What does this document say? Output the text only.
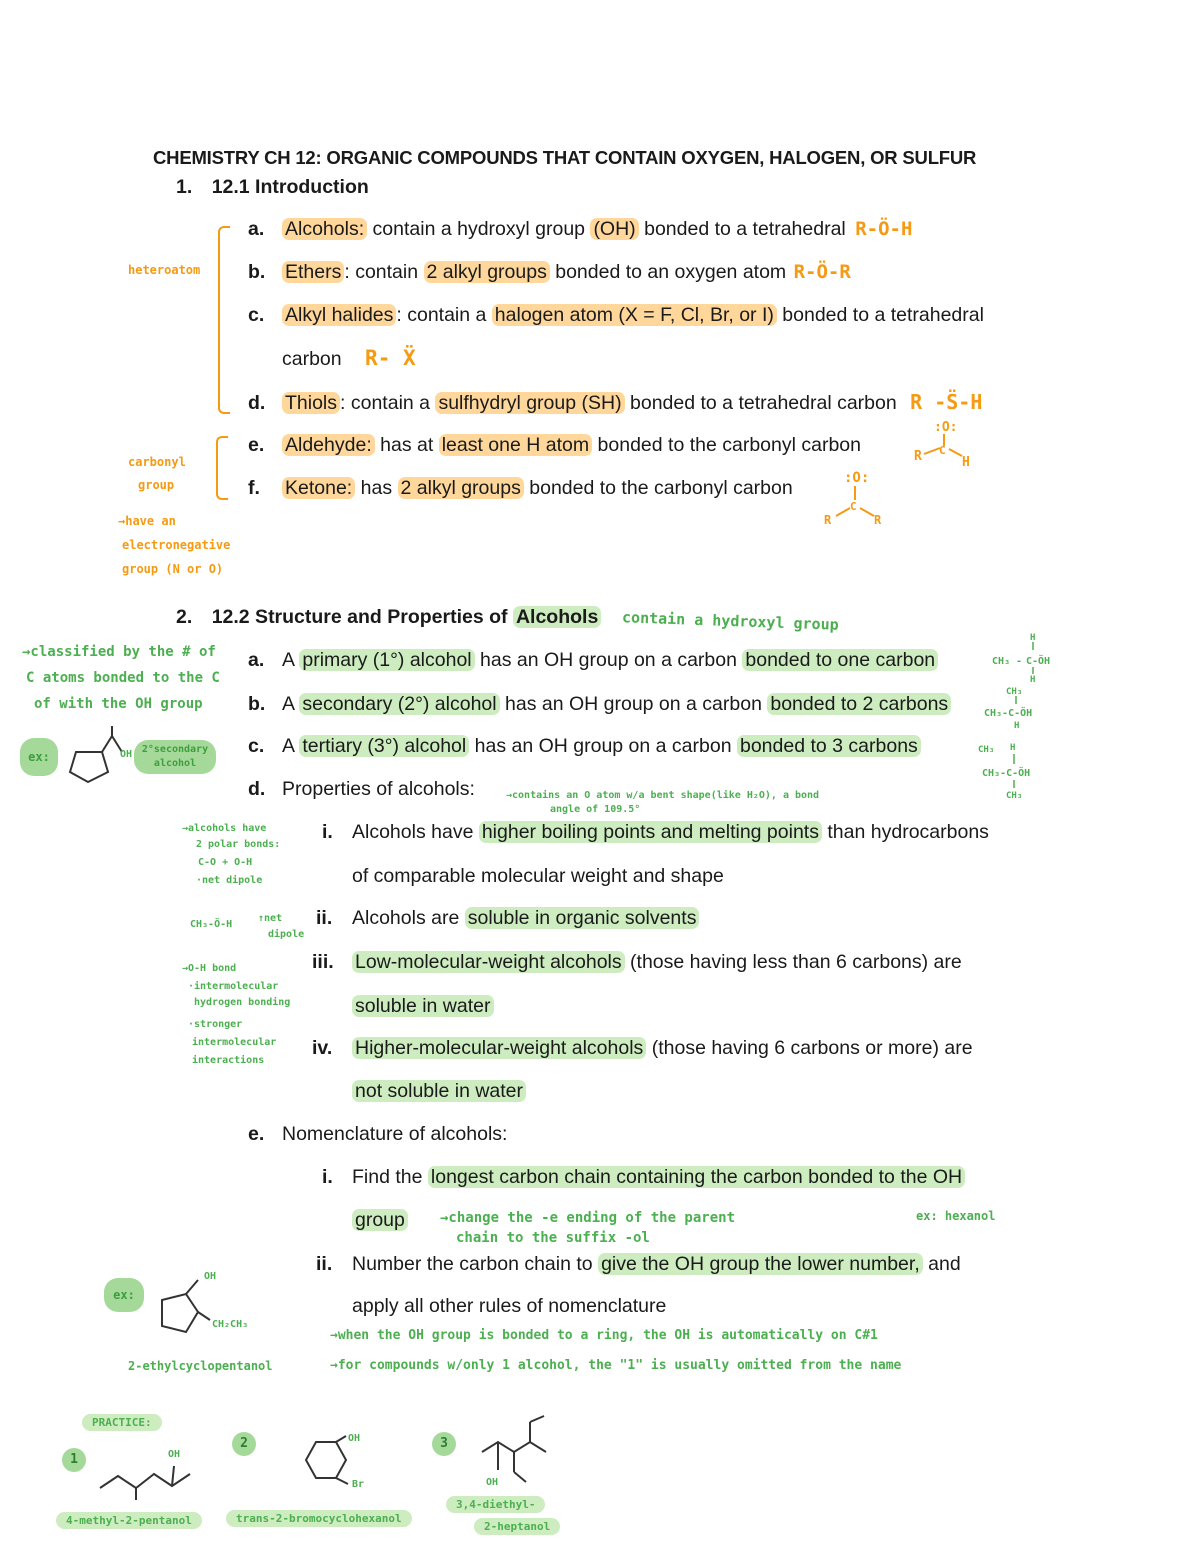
CHEMISTRY CH 12: ORGANIC COMPOUNDS THAT CONTAIN OXYGEN, HALOGEN, OR SULFUR
1. 12.1 Introduction
a. Alcohols: contain a hydroxyl group (OH) bonded to a tetrahedral R-Ö-H
b. Ethers : contain 2 alkyl groups bonded to an oxygen atom R-Ö-R
c. Alkyl halides : contain a halogen atom (X = F, Cl, Br, or I) bonded to a tetrahedral
carbon R- Ẍ
d. Thiols : contain a sulfhydryl group (SH) bonded to a tetrahedral carbon R -S̈-H
e. Aldehyde: has at least one H atom bonded to the carbonyl carbon
f. Ketone: has 2 alkyl groups bonded to the carbonyl carbon
:O:
R C
H
:O:
C
R	R
heteroatom
carbonyl
group
→have an
electronegative
group (N or O)
2. 12.2 Structure and Properties of Alcohols contain a hydroxyl group
a. A primary (1°) alcohol has an OH group on a carbon bonded to one carbon
b. A secondary (2°) alcohol has an OH group on a carbon bonded to 2 carbons
c. A tertiary (3°) alcohol has an OH group on a carbon bonded to 3 carbons
H
CH₃ - C-ÖH
H
CH₃
CH₃-C-ÖH
H
CH₃ H
CH₃-C-ÖH
CH₃
→classified by the # of
C atoms bonded to the C
of with the OH group
ex:	OH 2°secondary
alcohol
d. Properties of alcohols:	→contains an O atom w/a bent shape(like H₂O), a bond
angle of 109.5°
i. Alcohols have higher boiling points and melting points than hydrocarbons
of comparable molecular weight and shape
ii. Alcohols are soluble in organic solvents
iii. Low-molecular-weight alcohols (those having less than 6 carbons) are
soluble in water
iv. Higher-molecular-weight alcohols (those having 6 carbons or more) are
not soluble in water
→alcohols have
2 polar bonds:
C-O + O-H
·net dipole
CH₃-Ö-H
↑net
dipole
→O-H bond
·intermolecular
hydrogen bonding
·stronger
intermolecular
interactions
e. Nomenclature of alcohols:
i. Find the longest carbon chain containing the carbon bonded to the OH
group	→change the -e ending of the parent
chain to the suffix -ol
ex: hexanol
ii. Number the carbon chain to give the OH group the lower number, and
apply all other rules of nomenclature
→when the OH group is bonded to a ring, the OH is automatically on C#1
→for compounds w/only 1 alcohol, the "1" is usually omitted from the name
ex:
OH
CH₂CH₃
2-ethylcyclopentanol
PRACTICE:
1	OH
4-methyl-2-pentanol
2	OH
Br
trans-2-bromocyclohexanol
3
OH
3,4-diethyl-
2-heptanol
